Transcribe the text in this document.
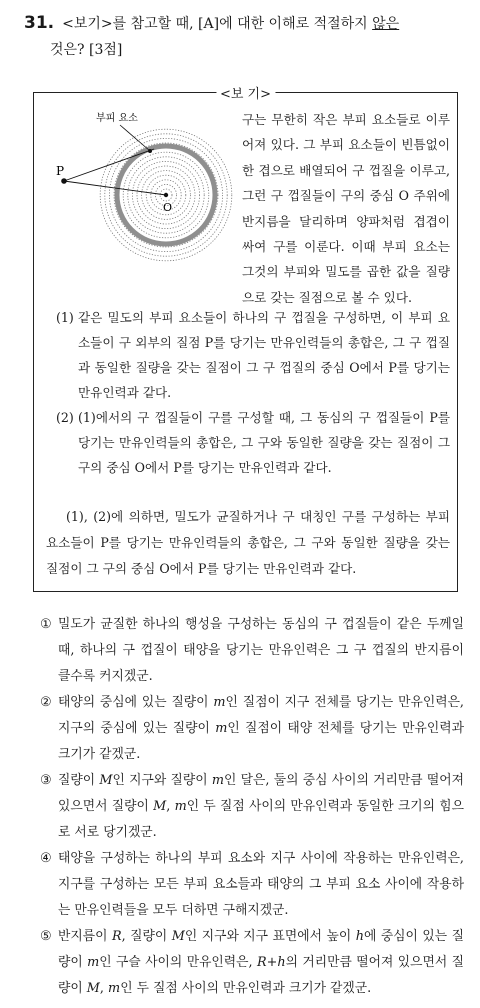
31. <보기>를 참고할 때, [A]에 대한 이해로 적절하지 않은
것은? [3점]
<보 기>
부피 요소
P
O

구는 무한히 작은 부피 요소들로 이루어져 있다. 그 부피 요소들이 빈틈없이 한 겹으로 배열되어 구 껍질을 이루고, 그런 구 껍질들이 구의 중심 O 주위에 반지름을 달리하며 양파처럼 겹겹이 싸여 구를 이룬다. 이때 부피 요소는 그것의 부피와 밀도를 곱한 값을 질량으로 갖는 질점으로 볼 수 있다.

(1) 같은 밀도의 부피 요소들이 하나의 구 껍질을 구성하면, 이 부피 요소들이 구 외부의 질점 P를 당기는 만유인력들의 총합은, 그 구 껍질과 동일한 질량을 갖는 질점이 그 구 껍질의 중심 O에서 P를 당기는 만유인력과 같다.

(2) (1)에서의 구 껍질들이 구를 구성할 때, 그 동심의 구 껍질들이 P를 당기는 만유인력들의 총합은, 그 구와 동일한 질량을 갖는 질점이 그 구의 중심 O에서 P를 당기는 만유인력과 같다.

(1), (2)에 의하면, 밀도가 균질하거나 구 대칭인 구를 구성하는 부피 요소들이 P를 당기는 만유인력들의 총합은, 그 구와 동일한 질량을 갖는 질점이 그 구의 중심 O에서 P를 당기는 만유인력과 같다.

① 밀도가 균질한 하나의 행성을 구성하는 동심의 구 껍질들이 같은 두께일 때, 하나의 구 껍질이 태양을 당기는 만유인력은 그 구 껍질의 반지름이 클수록 커지겠군.

② 태양의 중심에 있는 질량이 m인 질점이 지구 전체를 당기는 만유인력은, 지구의 중심에 있는 질량이 m인 질점이 태양 전체를 당기는 만유인력과 크기가 같겠군.

③ 질량이 M인 지구와 질량이 m인 달은, 둘의 중심 사이의 거리만큼 떨어져 있으면서 질량이 M, m인 두 질점 사이의 만유인력과 동일한 크기의 힘으로 서로 당기겠군.

④ 태양을 구성하는 하나의 부피 요소와 지구 사이에 작용하는 만유인력은, 지구를 구성하는 모든 부피 요소들과 태양의 그 부피 요소 사이에 작용하는 만유인력들을 모두 더하면 구해지겠군.

⑤ 반지름이 R, 질량이 M인 지구와 지구 표면에서 높이 h에 중심이 있는 질량이 m인 구슬 사이의 만유인력은, R+h의 거리만큼 떨어져 있으면서 질량이 M, m인 두 질점 사이의 만유인력과 크기가 같겠군.
